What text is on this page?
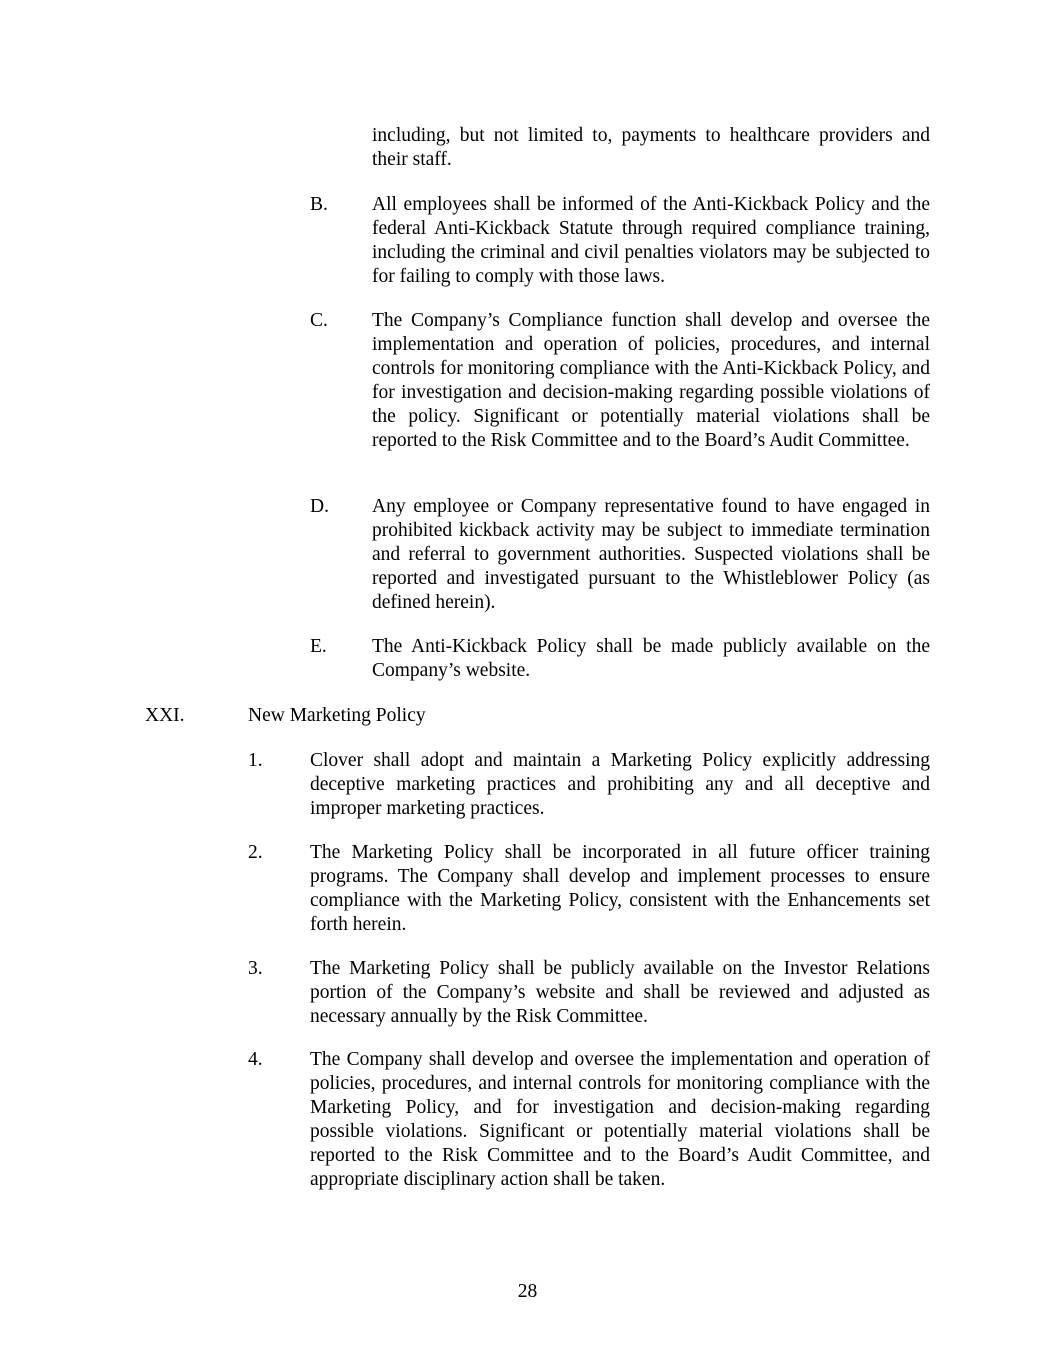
including, but not limited to, payments to healthcare providers and their staff.
B. All employees shall be informed of the Anti-Kickback Policy and the federal Anti-Kickback Statute through required compliance training, including the criminal and civil penalties violators may be subjected to for failing to comply with those laws.
C. The Company’s Compliance function shall develop and oversee the implementation and operation of policies, procedures, and internal controls for monitoring compliance with the Anti-Kickback Policy, and for investigation and decision-making regarding possible violations of the policy. Significant or potentially material violations shall be reported to the Risk Committee and to the Board’s Audit Committee.
D. Any employee or Company representative found to have engaged in prohibited kickback activity may be subject to immediate termination and referral to government authorities. Suspected violations shall be reported and investigated pursuant to the Whistleblower Policy (as defined herein).
E. The Anti-Kickback Policy shall be made publicly available on the Company’s website.
XXI.	New Marketing Policy
1. Clover shall adopt and maintain a Marketing Policy explicitly addressing deceptive marketing practices and prohibiting any and all deceptive and improper marketing practices.
2. The Marketing Policy shall be incorporated in all future officer training programs. The Company shall develop and implement processes to ensure compliance with the Marketing Policy, consistent with the Enhancements set forth herein.
3. The Marketing Policy shall be publicly available on the Investor Relations portion of the Company’s website and shall be reviewed and adjusted as necessary annually by the Risk Committee.
4. The Company shall develop and oversee the implementation and operation of policies, procedures, and internal controls for monitoring compliance with the Marketing Policy, and for investigation and decision-making regarding possible violations. Significant or potentially material violations shall be reported to the Risk Committee and to the Board’s Audit Committee, and appropriate disciplinary action shall be taken.
28
